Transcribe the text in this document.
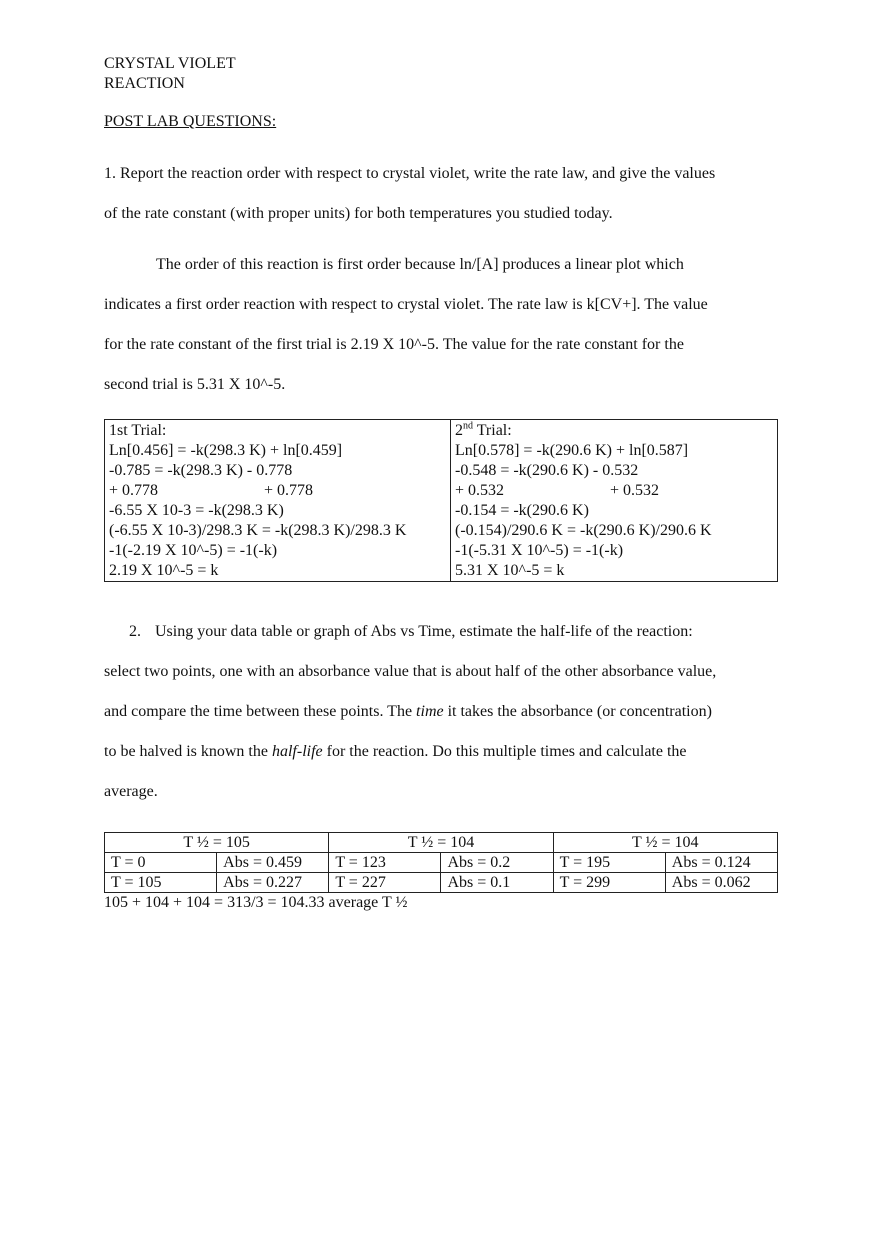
CRYSTAL VIOLET

REACTION

POST LAB QUESTIONS:

1. Report the reaction order with respect to crystal violet, write the rate law, and give the values

of the rate constant (with proper units) for both temperatures you studied today.

The order of this reaction is first order because ln/[A] produces a linear plot which

indicates a first order reaction with respect to crystal violet. The rate law is k[CV+]. The value

for the rate constant of the first trial is 2.19 X 10^-5. The value for the rate constant for the

second trial is 5.31 X 10^-5.

1st Trial:
Ln[0.456] = -k(298.3 K) + ln[0.459]
-0.785 = -k(298.3 K) - 0.778
+ 0.778	+ 0.778
-6.55 X 10-3 = -k(298.3 K)
(-6.55 X 10-3)/298.3 K = -k(298.3 K)/298.3 K
-1(-2.19 X 10^-5) = -1(-k)
2.19 X 10^-5 = k

2nd Trial:
Ln[0.578] = -k(290.6 K) + ln[0.587]
-0.548 = -k(290.6 K) - 0.532
+ 0.532	+ 0.532
-0.154 = -k(290.6 K)
(-0.154)/290.6 K = -k(290.6 K)/290.6 K
-1(-5.31 X 10^-5) = -1(-k)
5.31 X 10^-5 = k

2. Using your data table or graph of Abs vs Time, estimate the half-life of the reaction:

select two points, one with an absorbance value that is about half of the other absorbance value,

and compare the time between these points. The time it takes the absorbance (or concentration)

to be halved is known the half-life for the reaction. Do this multiple times and calculate the

average.

T ½ = 105		T ½ = 104		T ½ = 104	
T = 0	Abs = 0.459	T = 123	Abs = 0.2	T = 195	Abs = 0.124
T = 105	Abs = 0.227	T = 227	Abs = 0.1	T = 299	Abs = 0.062

105 + 104 + 104 = 313/3 = 104.33 average T ½
